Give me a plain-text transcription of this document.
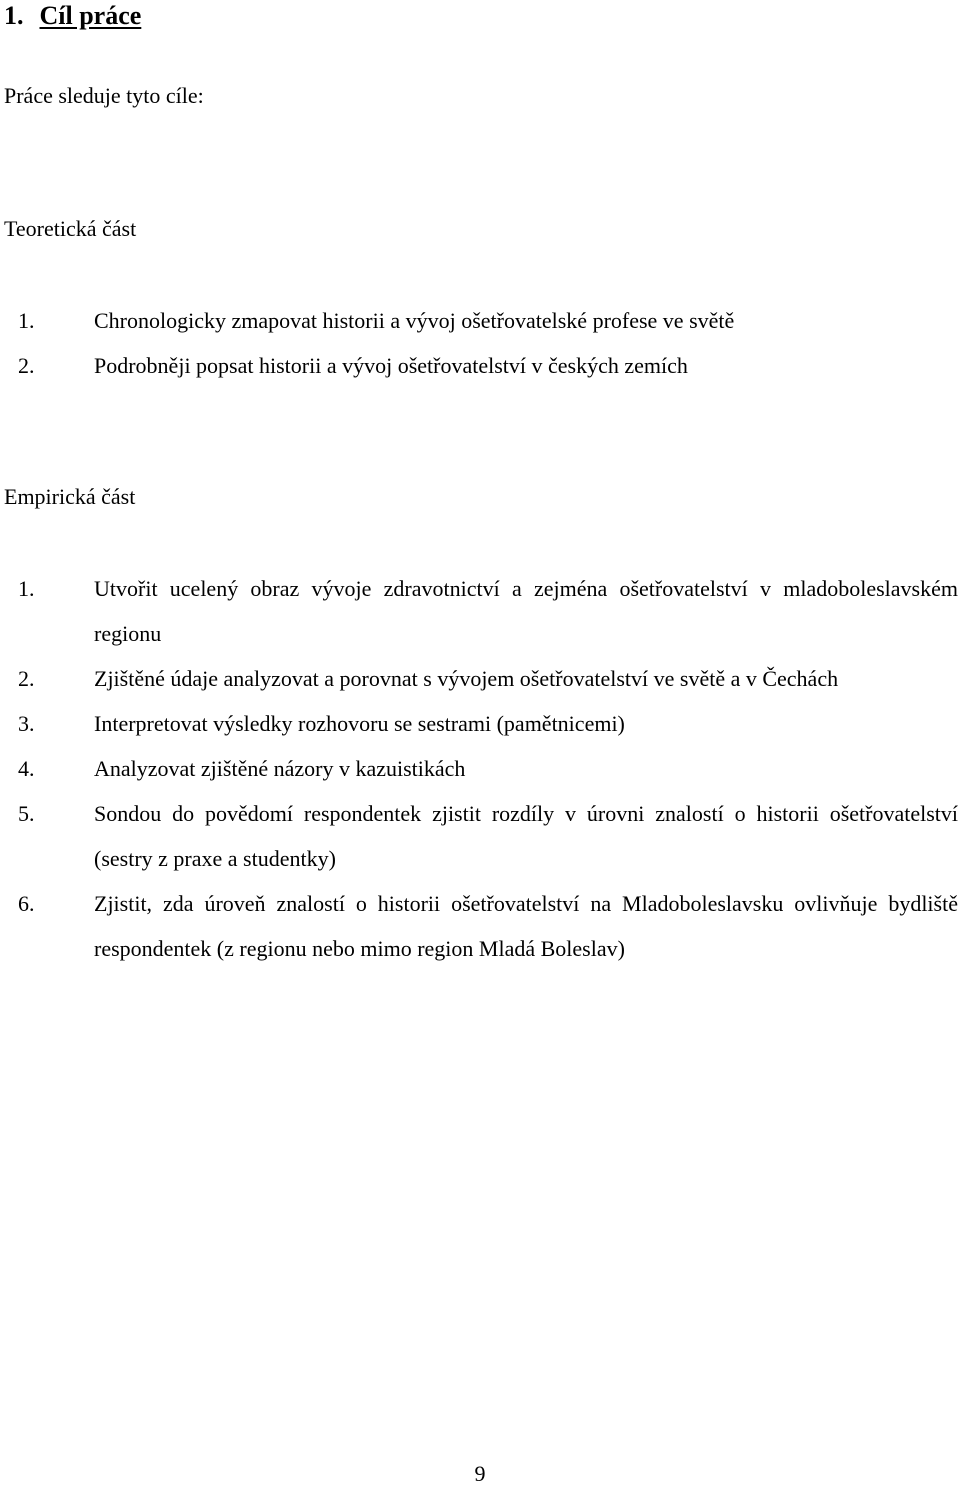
1. Cíl práce

Práce sleduje tyto cíle:

Teoretická část

1.	Chronologicky zmapovat historii a vývoj ošetřovatelské profese ve světě
2.	Podrobněji popsat historii a vývoj ošetřovatelství v českých zemích

Empirická část

1.	Utvořit ucelený obraz vývoje zdravotnictví a zejména ošetřovatelství v mladoboleslavském regionu
2.	Zjištěné údaje analyzovat a porovnat s vývojem ošetřovatelství ve světě a v Čechách
3.	Interpretovat výsledky rozhovoru se sestrami (pamětnicemi)
4.	Analyzovat zjištěné názory v kazuistikách
5.	Sondou do povědomí respondentek zjistit rozdíly v úrovni znalostí o historii ošetřovatelství (sestry z praxe a studentky)
6.	Zjistit, zda úroveň znalostí o historii ošetřovatelství na Mladoboleslavsku ovlivňuje bydliště respondentek (z regionu nebo mimo region Mladá Boleslav)

9
